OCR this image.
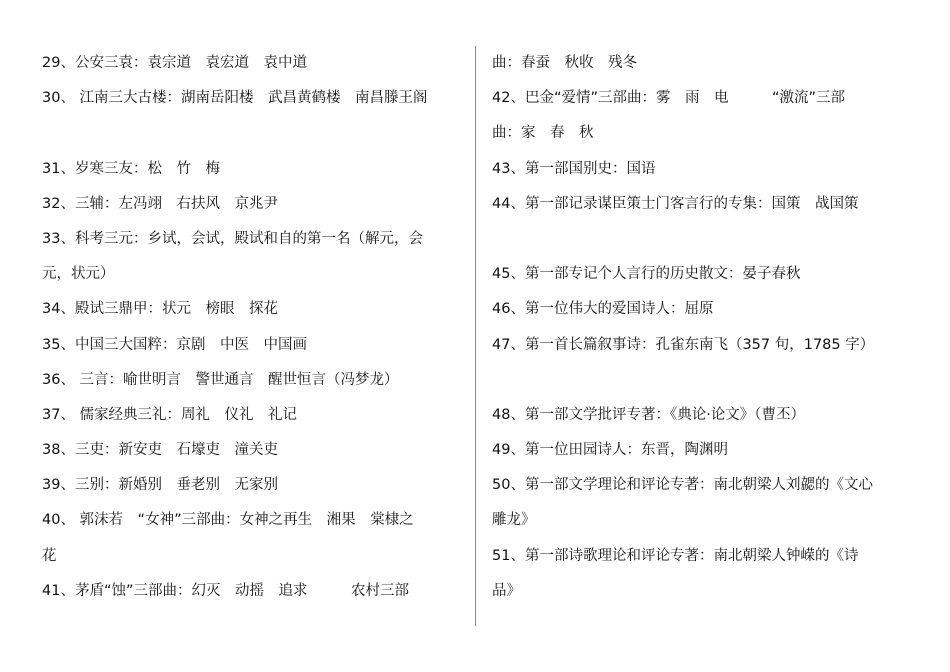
29、公安三袁：袁宗道　袁宏道　袁中道
30、 江南三大古楼：湖南岳阳楼　武昌黄鹤楼　南昌滕王阁
31、岁寒三友：松　竹　梅
32、三辅：左冯翊　右扶风　京兆尹
33、科考三元：乡试，会试，殿试和自的第一名（解元，会
元，状元）
34、殿试三鼎甲：状元　榜眼　探花
35、中国三大国粹：京剧　中医　中国画
36、 三言：喻世明言　警世通言　醒世恒言（冯梦龙）
37、 儒家经典三礼：周礼　仪礼　礼记
38、三吏：新安吏　石壕吏　潼关吏
39、三别：新婚别　垂老别　无家别
40、 郭沫若　“女神”三部曲：女神之再生　湘果　棠棣之
花
41、茅盾“蚀”三部曲：幻灭　动摇　追求　　　农村三部
曲：春蚕　秋收　残冬
42、巴金“爱情”三部曲：雾　雨　电　　　“激流”三部
曲：家　春　秋
43、第一部国别史：国语
44、第一部记录谋臣策士门客言行的专集：国策　战国策
45、第一部专记个人言行的历史散文：晏子春秋
46、第一位伟大的爱国诗人：屈原
47、第一首长篇叙事诗：孔雀东南飞（357 句，1785 字）
48、第一部文学批评专著：《典论·论文》（曹丕）
49、第一位田园诗人：东晋，陶渊明
50、第一部文学理论和评论专著：南北朝梁人刘勰的《文心
雕龙》
51、第一部诗歌理论和评论专著：南北朝梁人钟嵘的《诗
品》
